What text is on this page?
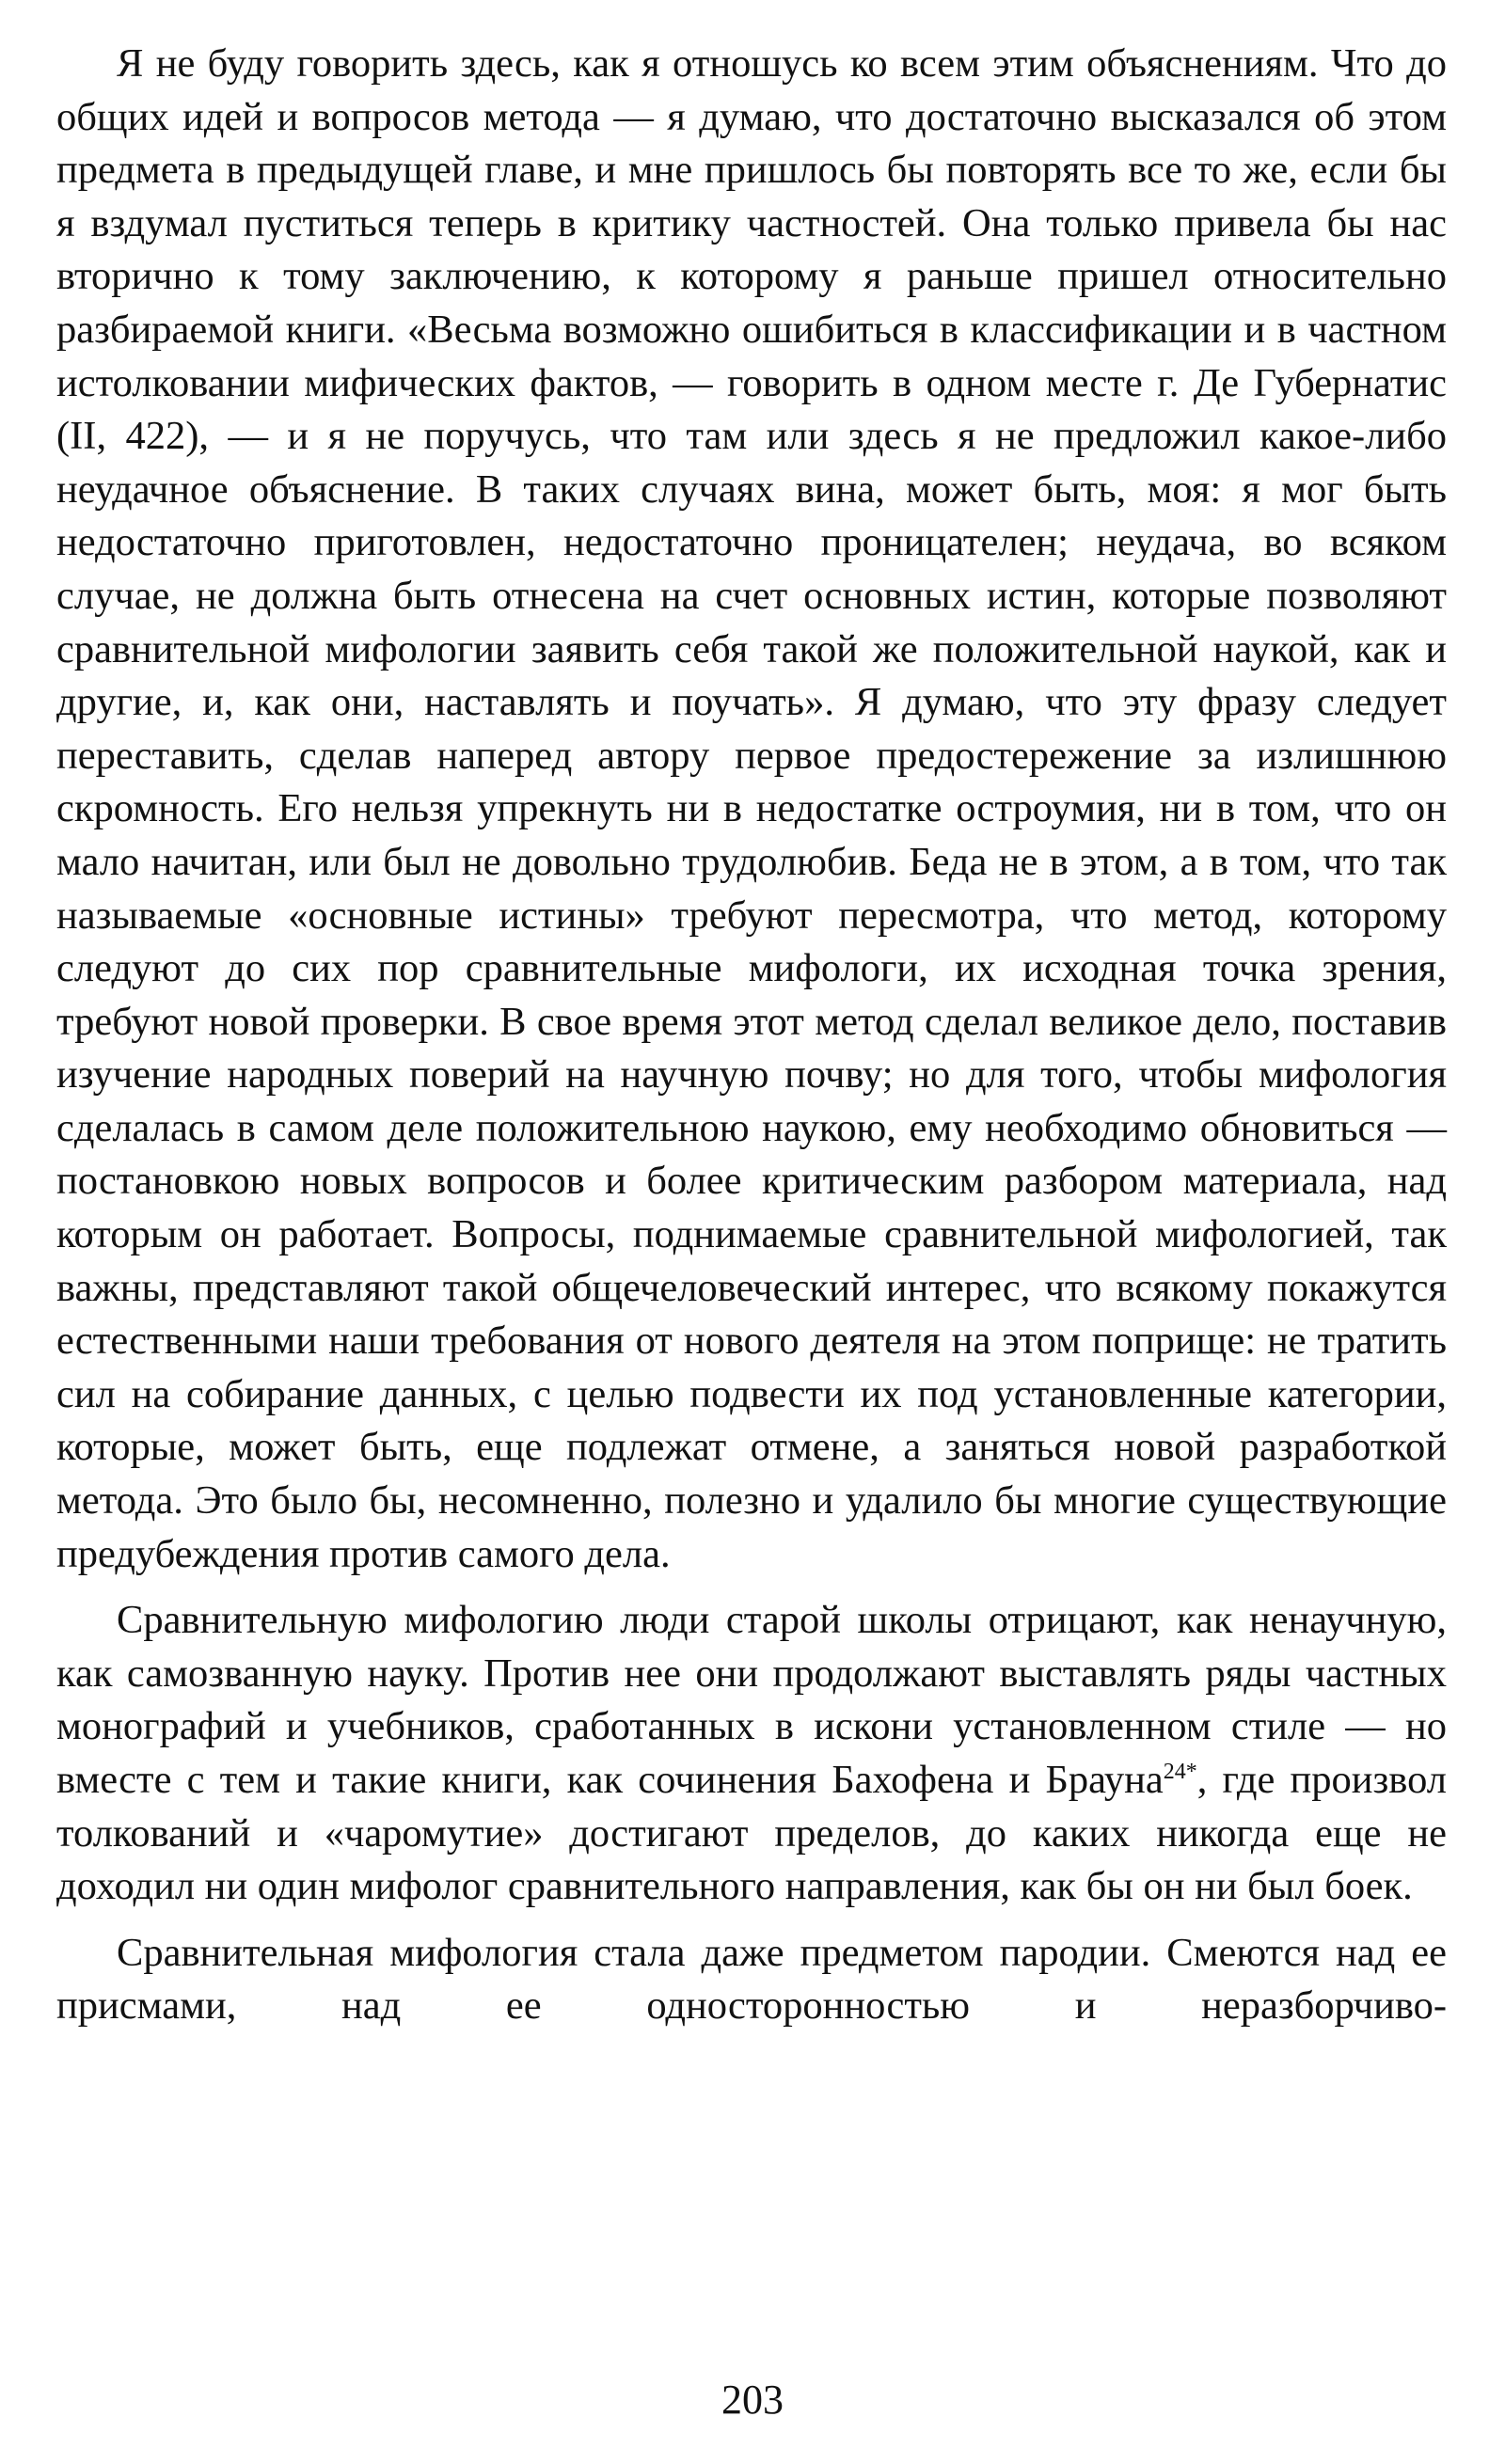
Я не буду говорить здесь, как я отношусь ко всем этим объяснениям. Что до общих идей и вопросов метода — я думаю, что достаточно высказался об этом предмета в предыдущей главе, и мне пришлось бы повторять все то же, если бы я вздумал пуститься теперь в критику частностей. Она только привела бы нас вторично к тому заключению, к которому я раньше пришел относительно разбираемой книги. «Весьма возможно ошибиться в классификации и в частном истолковании мифических фактов, — говорить в одном месте г. Де Губернатис (II, 422), — и я не поручусь, что там или здесь я не предложил какое-либо неудачное объяснение. В таких случаях вина, может быть, моя: я мог быть недостаточно приготовлен, недостаточно проницателен; неудача, во всяком случае, не должна быть отнесена на счет основных истин, которые позволяют сравнительной мифологии заявить себя такой же положительной наукой, как и другие, и, как они, наставлять и поучать». Я думаю, что эту фразу следует переставить, сделав наперед автору первое предостережение за излишнюю скромность. Его нельзя упрекнуть ни в недостатке остроумия, ни в том, что он мало начитан, или был не довольно трудолюбив. Беда не в этом, а в том, что так называемые «основные истины» требуют пересмотра, что метод, которому следуют до сих пор сравнительные мифологи, их исходная точка зрения, требуют новой проверки. В свое время этот метод сделал великое дело, поставив изучение народных поверий на научную почву; но для того, чтобы мифология сделалась в самом деле положительною наукою, ему необходимо обновиться — постановкою новых вопросов и более критическим разбором материала, над которым он работает. Вопросы, поднимаемые сравнительной мифологией, так важны, представляют такой общечеловеческий интерес, что всякому покажутся естественными наши требования от нового деятеля на этом поприще: не тратить сил на собирание данных, с целью подвести их под установленные категории, которые, может быть, еще подлежат отмене, а заняться новой разработкой метода. Это было бы, несомненно, полезно и удалило бы многие существующие предубеждения против самого дела.

Сравнительную мифологию люди старой школы отрицают, как ненаучную, как самозванную науку. Против нее они продолжают выставлять ряды частных монографий и учебников, сработанных в искони установленном стиле — но вместе с тем и такие книги, как сочинения Бахофена и Брауна$^{24*}$, где произвол толкований и «чаромутие» достигают пределов, до каких никогда еще не доходил ни один мифолог сравнительного направления, как бы он ни был боек.

Сравнительная мифология стала даже предметом пародии. Смеются над ее присмами, над ее односторонностью и неразборчиво-

203
